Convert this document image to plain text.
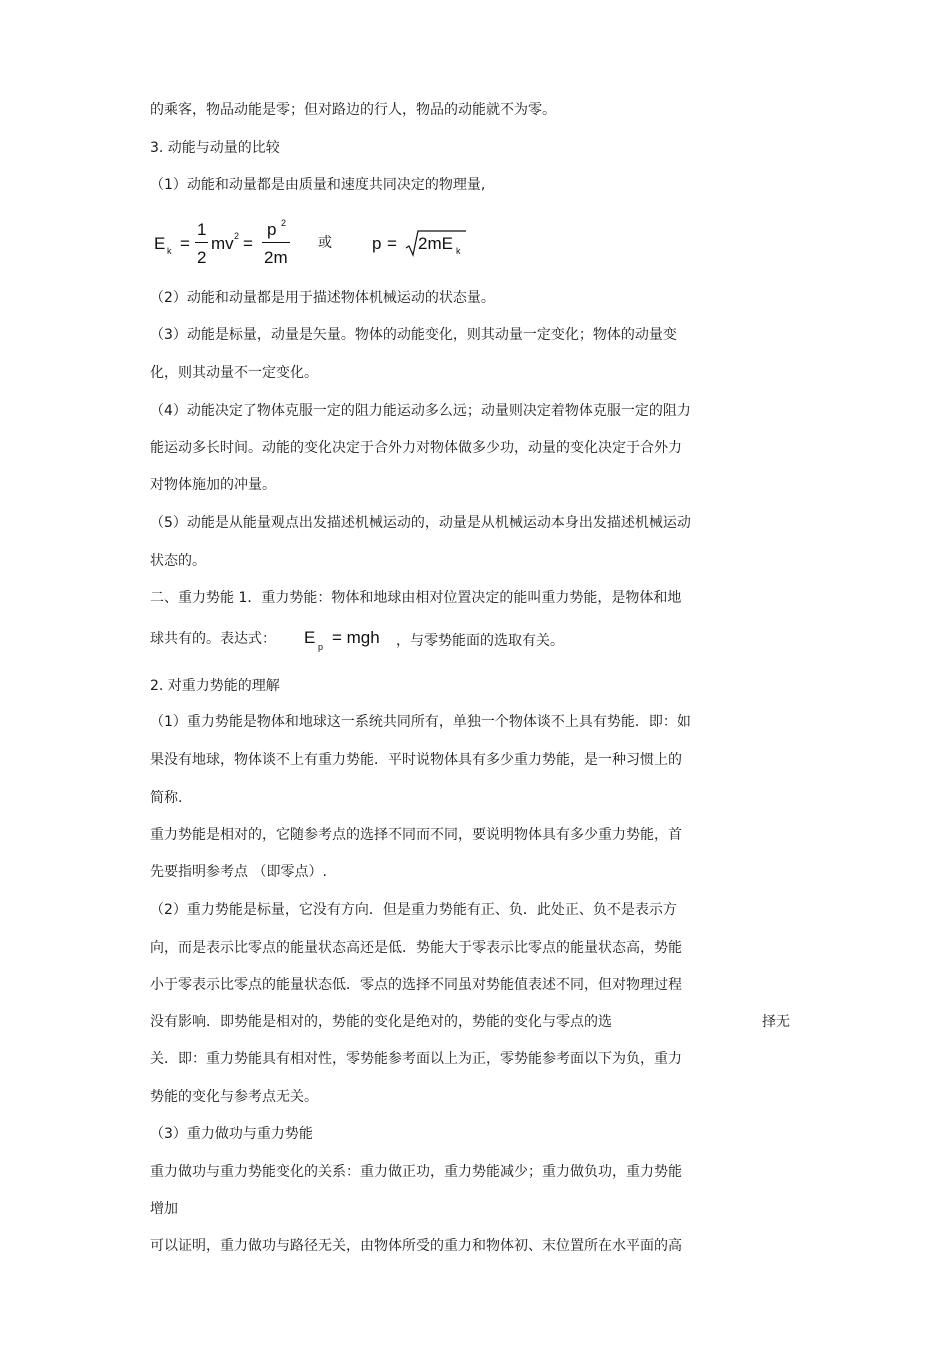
的乘客，物品动能是零；但对路边的行人，物品的动能就不为零。
3. 动能与动量的比较
（1）动能和动量都是由质量和速度共同决定的物理量,
E k =
1
2
mv 2 =
p 2
2m
或 p = 2mE k
（2）动能和动量都是用于描述物体机械运动的状态量。
（3）动能是标量，动量是矢量。物体的动能变化，则其动量一定变化；物体的动量变
化，则其动量不一定变化。
（4）动能决定了物体克服一定的阻力能运动多么远；动量则决定着物体克服一定的阻力
能运动多长时间。动能的变化决定于合外力对物体做多少功，动量的变化决定于合外力
对物体施加的冲量。
（5）动能是从能量观点出发描述机械运动的，动量是从机械运动本身出发描述机械运动
状态的。
二、重力势能 1．重力势能：物体和地球由相对位置决定的能叫重力势能，是物体和地
球共有的。表达式： E p = mgh ，与零势能面的选取有关。
2. 对重力势能的理解
（1）重力势能是物体和地球这一系统共同所有，单独一个物体谈不上具有势能．即：如
果没有地球，物体谈不上有重力势能．平时说物体具有多少重力势能，是一种习惯上的
简称.
重力势能是相对的，它随参考点的选择不同而不同，要说明物体具有多少重力势能，首
先要指明参考点 （即零点）.
（2）重力势能是标量，它没有方向．但是重力势能有正、负．此处正、负不是表示方
向，而是表示比零点的能量状态高还是低．势能大于零表示比零点的能量状态高，势能
小于零表示比零点的能量状态低．零点的选择不同虽对势能值表述不同，但对物理过程
没有影响．即势能是相对的，势能的变化是绝对的，势能的变化与零点的选	择无
关．即：重力势能具有相对性，零势能参考面以上为正，零势能参考面以下为负，重力
势能的变化与参考点无关。
（3）重力做功与重力势能
重力做功与重力势能变化的关系：重力做正功，重力势能减少；重力做负功，重力势能
增加
可以证明，重力做功与路径无关，由物体所受的重力和物体初、末位置所在水平面的高
